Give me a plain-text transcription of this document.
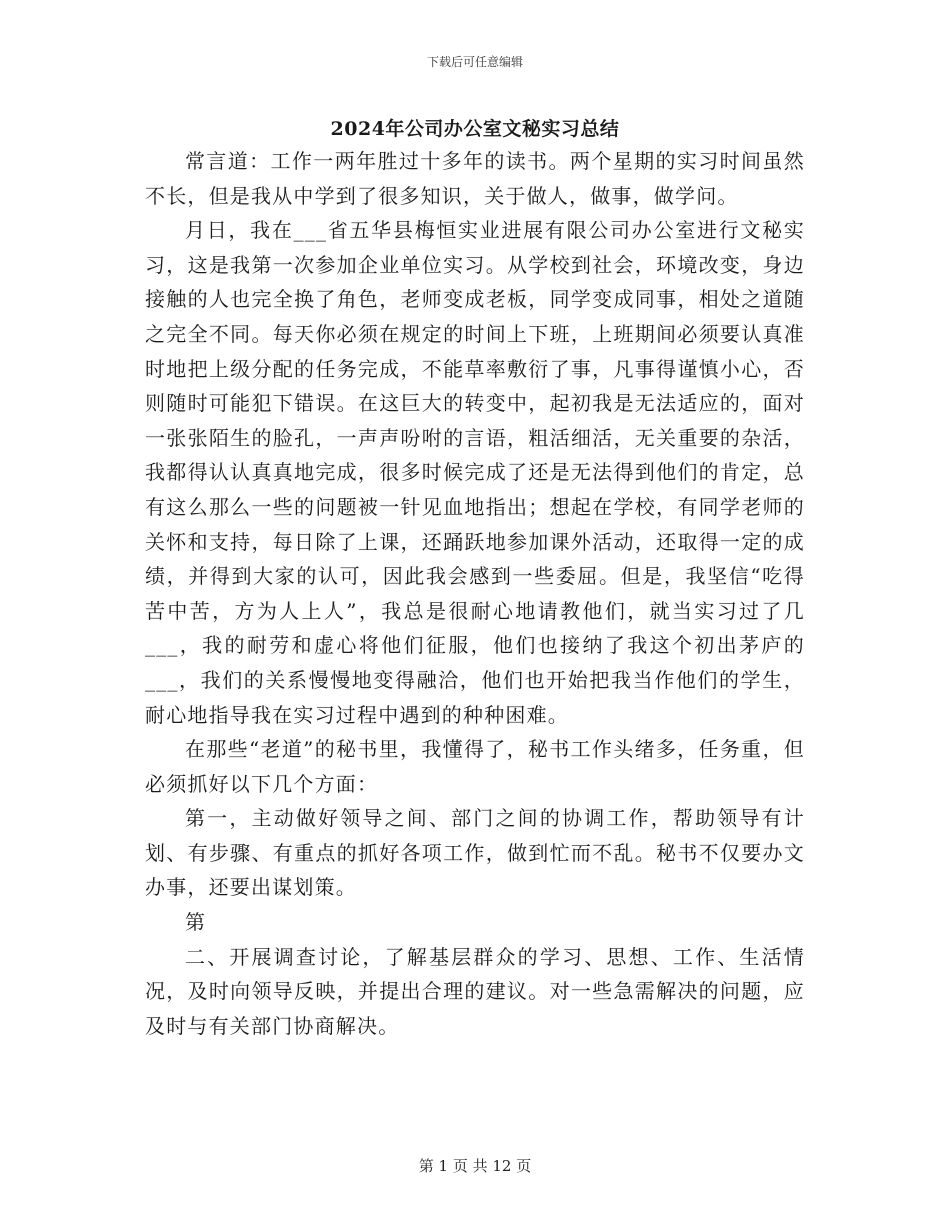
下载后可任意编辑
2024年公司办公室文秘实习总结

常言道：工作一两年胜过十多年的读书。两个星期的实习时间虽然不长，但是我从中学到了很多知识，关于做人，做事，做学问。

月日，我在___省五华县梅恒实业进展有限公司办公室进行文秘实习，这是我第一次参加企业单位实习。从学校到社会，环境改变，身边接触的人也完全换了角色，老师变成老板，同学变成同事，相处之道随之完全不同。每天你必须在规定的时间上下班，上班期间必须要认真准时地把上级分配的任务完成，不能草率敷衍了事，凡事得谨慎小心，否则随时可能犯下错误。在这巨大的转变中，起初我是无法适应的，面对一张张陌生的脸孔，一声声吩咐的言语，粗活细活，无关重要的杂活，我都得认认真真地完成，很多时候完成了还是无法得到他们的肯定，总有这么那么一些的问题被一针见血地指出；想起在学校，有同学老师的关怀和支持，每日除了上课，还踊跃地参加课外活动，还取得一定的成绩，并得到大家的认可，因此我会感到一些委屈。但是，我坚信“吃得苦中苦，方为人上人”，我总是很耐心地请教他们，就当实习过了几___，我的耐劳和虚心将他们征服，他们也接纳了我这个初出茅庐的___，我们的关系慢慢地变得融洽，他们也开始把我当作他们的学生，耐心地指导我在实习过程中遇到的种种困难。

在那些“老道”的秘书里，我懂得了，秘书工作头绪多，任务重，但必须抓好以下几个方面：

第一，主动做好领导之间、部门之间的协调工作，帮助领导有计划、有步骤、有重点的抓好各项工作，做到忙而不乱。秘书不仅要办文办事，还要出谋划策。

第

二、开展调查讨论，了解基层群众的学习、思想、工作、生活情况，及时向领导反映，并提出合理的建议。对一些急需解决的问题，应及时与有关部门协商解决。

第 1 页 共 12 页
